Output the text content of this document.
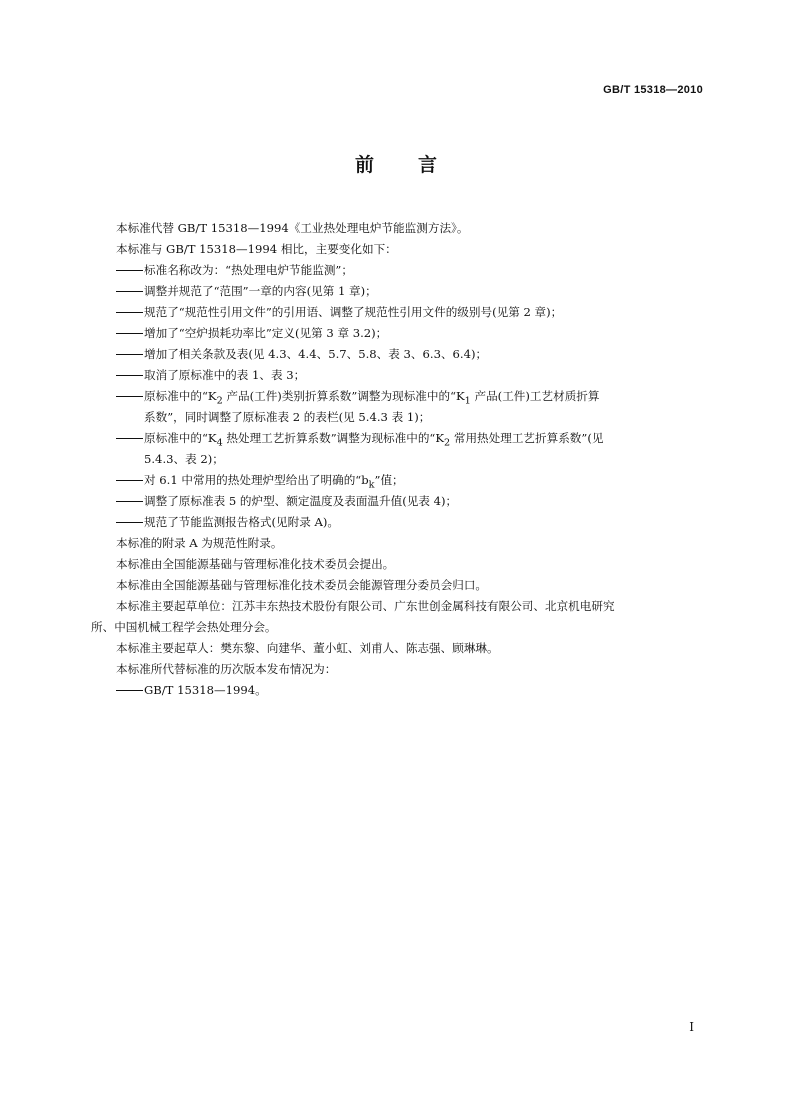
GB/T 15318—2010
前 言
本标准代替 GB/T 15318—1994《工业热处理电炉节能监测方法》。
本标准与 GB/T 15318—1994 相比，主要变化如下：
标准名称改为：“热处理电炉节能监测”；
调整并规范了“范围”一章的内容(见第 1 章)；
规范了“规范性引用文件”的引用语、调整了规范性引用文件的级别号(见第 2 章)；
增加了“空炉损耗功率比”定义(见第 3 章 3.2)；
增加了相关条款及表(见 4.3、4.4、5.7、5.8、表 3、6.3、6.4)；
取消了原标准中的表 1、表 3；
原标准中的“$K_2$ 产品(工件)类别折算系数”调整为现标准中的“$K_1$ 产品(工件)工艺材质折算
系数”，同时调整了原标准表 2 的表栏(见 5.4.3 表 1)；
原标准中的“$K_4$ 热处理工艺折算系数”调整为现标准中的“$K_2$ 常用热处理工艺折算系数”(见
5.4.3、表 2)；
对 6.1 中常用的热处理炉型给出了明确的“$b_k$”值；
调整了原标准表 5 的炉型、额定温度及表面温升值(见表 4)；
规范了节能监测报告格式(见附录 A)。
本标准的附录 A 为规范性附录。
本标准由全国能源基础与管理标准化技术委员会提出。
本标准由全国能源基础与管理标准化技术委员会能源管理分委员会归口。
本标准主要起草单位：江苏丰东热技术股份有限公司、广东世创金属科技有限公司、北京机电研究
所、中国机械工程学会热处理分会。
本标准主要起草人：樊东黎、向建华、董小虹、刘甫人、陈志强、顾琳琳。
本标准所代替标准的历次版本发布情况为：
GB/T 15318—1994。
I
